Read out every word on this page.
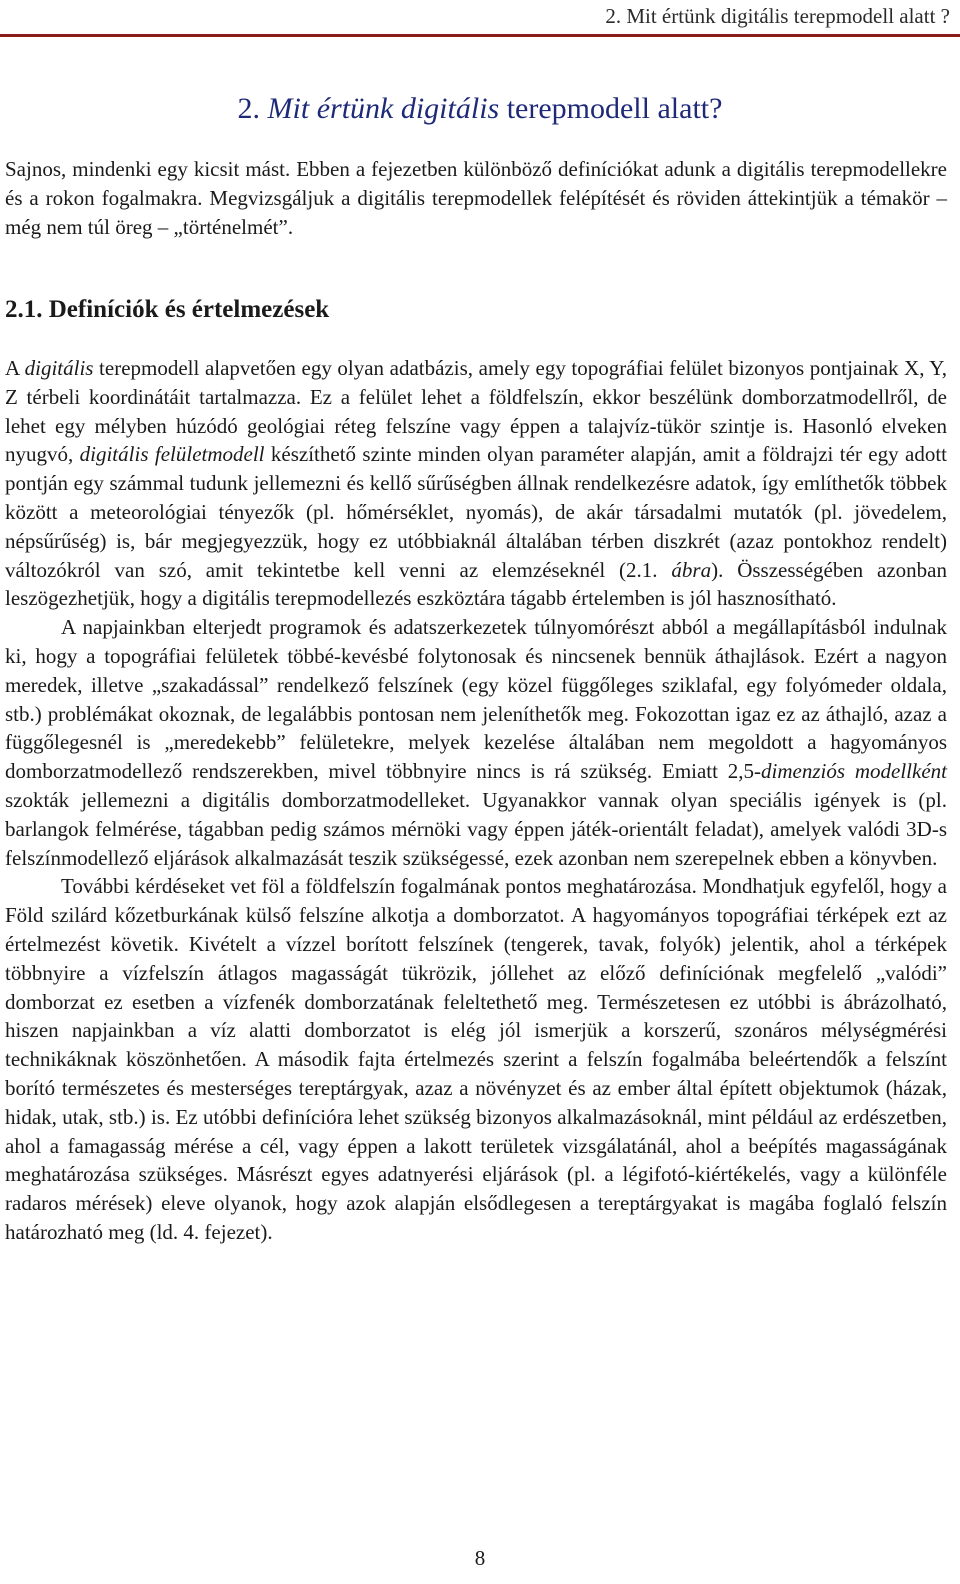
2. Mit értünk digitális terepmodell alatt ?
2. Mit értünk digitális terepmodell alatt?

Sajnos, mindenki egy kicsit mást. Ebben a fejezetben különböző definíciókat adunk a digitális terepmodellekre és a rokon fogalmakra. Megvizsgáljuk a digitális terepmodellek felépítését és röviden áttekintjük a témakör – még nem túl öreg – „történelmét”.

2.1. Definíciók és értelmezések

A digitális terepmodell alapvetően egy olyan adatbázis, amely egy topográfiai felület bizonyos pontjainak X, Y, Z térbeli koordinátáit tartalmazza. Ez a felület lehet a földfelszín, ekkor beszélünk domborzatmodellről, de lehet egy mélyben húzódó geológiai réteg felszíne vagy éppen a talajvíz-tükör szintje is. Hasonló elveken nyugvó, digitális felületmodell készíthető szinte minden olyan paraméter alapján, amit a földrajzi tér egy adott pontján egy számmal tudunk jellemezni és kellő sűrűségben állnak rendelkezésre adatok, így említhetők többek között a meteorológiai tényezők (pl. hőmérséklet, nyomás), de akár társadalmi mutatók (pl. jövedelem, népsűrűség) is, bár megjegyezzük, hogy ez utóbbiaknál általában térben diszkrét (azaz pontokhoz rendelt) változókról van szó, amit tekintetbe kell venni az elemzéseknél (2.1. ábra). Összességében azonban leszögezhetjük, hogy a digitális terepmodellezés eszköztára tágabb értelemben is jól hasznosítható.

A napjainkban elterjedt programok és adatszerkezetek túlnyomórészt abból a megállapításból indulnak ki, hogy a topográfiai felületek többé-kevésbé folytonosak és nincsenek bennük áthajlások. Ezért a nagyon meredek, illetve „szakadással” rendelkező felszínek (egy közel függőleges sziklafal, egy folyómeder oldala, stb.) problémákat okoznak, de legalábbis pontosan nem jeleníthetők meg. Fokozottan igaz ez az áthajló, azaz a függőlegesnél is „meredekebb” felületekre, melyek kezelése általában nem megoldott a hagyományos domborzatmodellező rendszerekben, mivel többnyire nincs is rá szükség. Emiatt 2,5-dimenziós modellként szokták jellemezni a digitális domborzatmodelleket. Ugyanakkor vannak olyan speciális igények is (pl. barlangok felmérése, tágabban pedig számos mérnöki vagy éppen játék-orientált feladat), amelyek valódi 3D-s felszínmodellező eljárások alkalmazását teszik szükségessé, ezek azonban nem szerepelnek ebben a könyvben.

További kérdéseket vet föl a földfelszín fogalmának pontos meghatározása. Mondhatjuk egyfelől, hogy a Föld szilárd kőzetburkának külső felszíne alkotja a domborzatot. A hagyományos topográfiai térképek ezt az értelmezést követik. Kivételt a vízzel borított felszínek (tengerek, tavak, folyók) jelentik, ahol a térképek többnyire a vízfelszín átlagos magasságát tükrözik, jóllehet az előző definíciónak megfelelő „valódi” domborzat ez esetben a vízfenék domborzatának feleltethető meg. Természetesen ez utóbbi is ábrázolható, hiszen napjainkban a víz alatti domborzatot is elég jól ismerjük a korszerű, szonáros mélységmérési technikáknak köszönhetően. A második fajta értelmezés szerint a felszín fogalmába beleértendők a felszínt borító természetes és mesterséges tereptárgyak, azaz a növényzet és az ember által épített objektumok (házak, hidak, utak, stb.) is. Ez utóbbi definícióra lehet szükség bizonyos alkalmazásoknál, mint például az erdészetben, ahol a famagasság mérése a cél, vagy éppen a lakott területek vizsgálatánál, ahol a beépítés magasságának meghatározása szükséges. Másrészt egyes adatnyerési eljárások (pl. a légifotó-kiértékelés, vagy a különféle radaros mérések) eleve olyanok, hogy azok alapján elsődlegesen a tereptárgyakat is magába foglaló felszín határozható meg (ld. 4. fejezet).

8
